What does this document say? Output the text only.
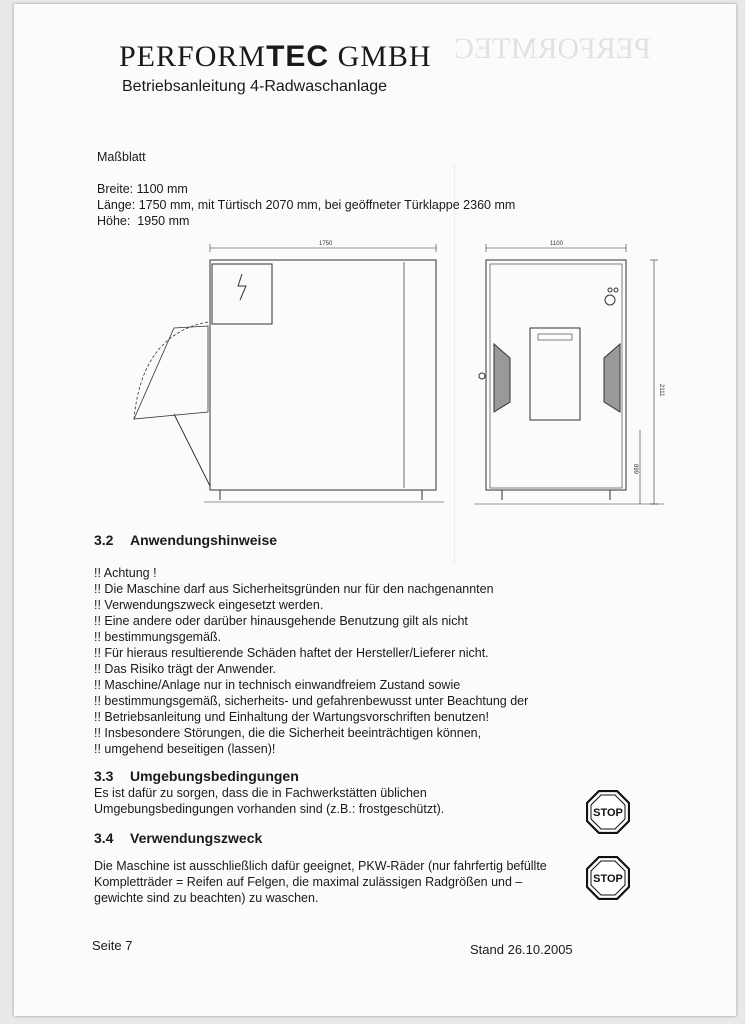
PERFORMTEC
PERFORMTEC GMBH
Betriebsanleitung 4-Radwaschanlage
Maßblatt
Breite: 1100 mm
Länge: 1750 mm, mit Türtisch 2070 mm, bei geöffneter Türklappe 2360 mm
Höhe:  1950 mm
1750	1100
2111
899
3.2 Anwendungshinweise
!! Achtung !
!! Die Maschine darf aus Sicherheitsgründen nur für den nachgenannten
!! Verwendungszweck eingesetzt werden.
!! Eine andere oder darüber hinausgehende Benutzung gilt als nicht
!! bestimmungsgemäß.
!! Für hieraus resultierende Schäden haftet der Hersteller/Lieferer nicht.
!! Das Risiko trägt der Anwender.
!! Maschine/Anlage nur in technisch einwandfreiem Zustand sowie
!! bestimmungsgemäß, sicherheits- und gefahrenbewusst unter Beachtung der
!! Betriebsanleitung und Einhaltung der Wartungsvorschriften benutzen!
!! Insbesondere Störungen, die die Sicherheit beeinträchtigen können,
!! umgehend beseitigen (lassen)!
3.3 Umgebungsbedingungen
Es ist dafür zu sorgen, dass die in Fachwerkstätten üblichen
Umgebungsbedingungen vorhanden sind (z.B.: frostgeschützt).
3.4 Verwendungszweck
Die Maschine ist ausschließlich dafür geeignet, PKW-Räder (nur fahrfertig befüllte
Kompletträder = Reifen auf Felgen, die maximal zulässigen Radgrößen und –
gewichte sind zu beachten) zu waschen.
STOP
STOP
Seite 7	Stand 26.10.2005
